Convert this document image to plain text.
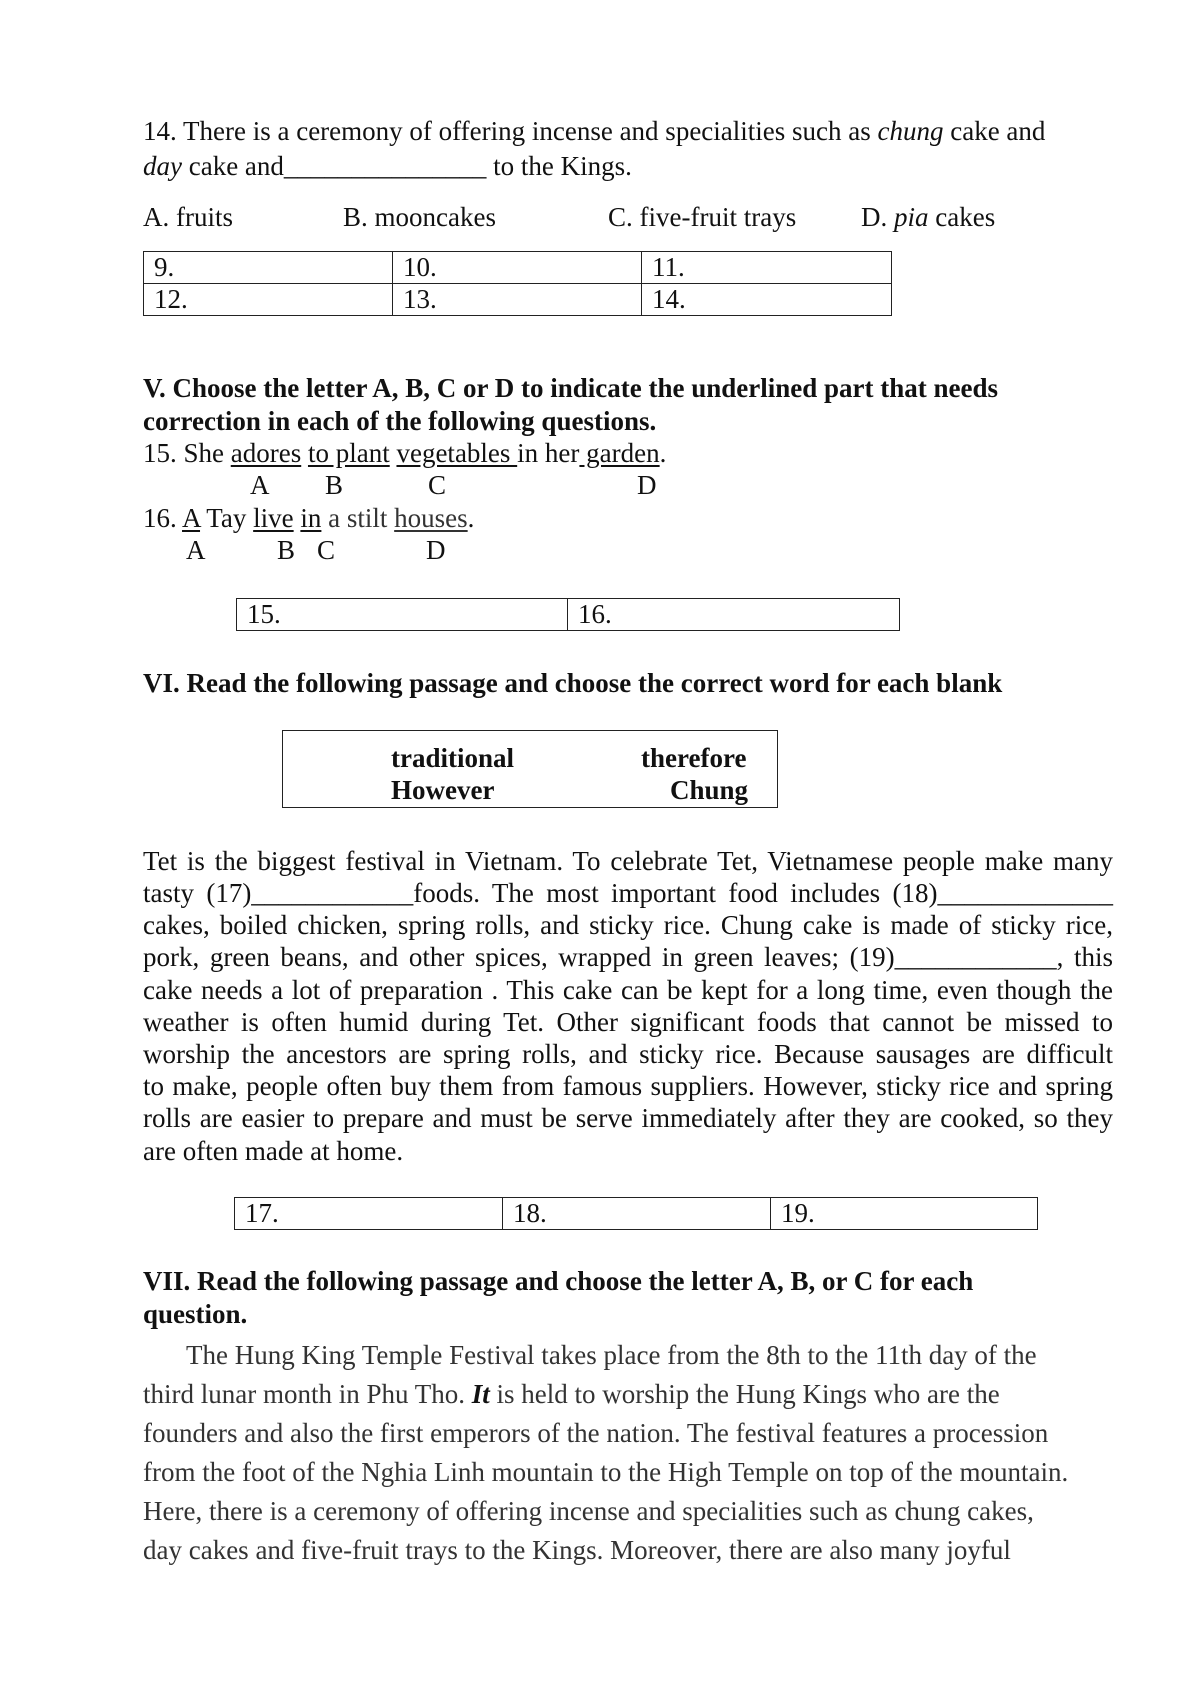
14. There is a ceremony of offering incense and specialities such as chung cake and
day cake and_______________ to the Kings.
A. fruits	B. mooncakes	C. five-fruit trays D. pia cakes
9.	10.	11.
12.	13.	14.
V. Choose the letter A, B, C or D to indicate the underlined part that needs
correction in each of the following questions.
15. She adores to plant vegetables in her garden.
A B	C	D
16. A Tay live in a stilt houses.
A	B C	D
15.	16.
VI. Read the following passage and choose the correct word for each blank
traditional	therefore
However	Chung
Tet is the biggest festival in Vietnam. To celebrate Tet, Vietnamese people make many
tasty (17)____________foods. The most important food includes (18)_____________
cakes, boiled chicken, spring rolls, and sticky rice. Chung cake is made of sticky rice,
pork, green beans, and other spices, wrapped in green leaves; (19)____________, this
cake needs a lot of preparation . This cake can be kept for a long time, even though the
weather is often humid during Tet. Other significant foods that cannot be missed to
worship the ancestors are spring rolls, and sticky rice. Because sausages are difficult
to make, people often buy them from famous suppliers. However, sticky rice and spring
rolls are easier to prepare and must be serve immediately after they are cooked, so they
are often made at home.
17.	18.	19.
VII. Read the following passage and choose the letter A, B, or C for each
question.
The Hung King Temple Festival takes place from the 8th to the 11th day of the
third lunar month in Phu Tho. It is held to worship the Hung Kings who are the
founders and also the first emperors of the nation. The festival features a procession
from the foot of the Nghia Linh mountain to the High Temple on top of the mountain.
Here, there is a ceremony of offering incense and specialities such as chung cakes,
day cakes and five-fruit trays to the Kings. Moreover, there are also many joyful
